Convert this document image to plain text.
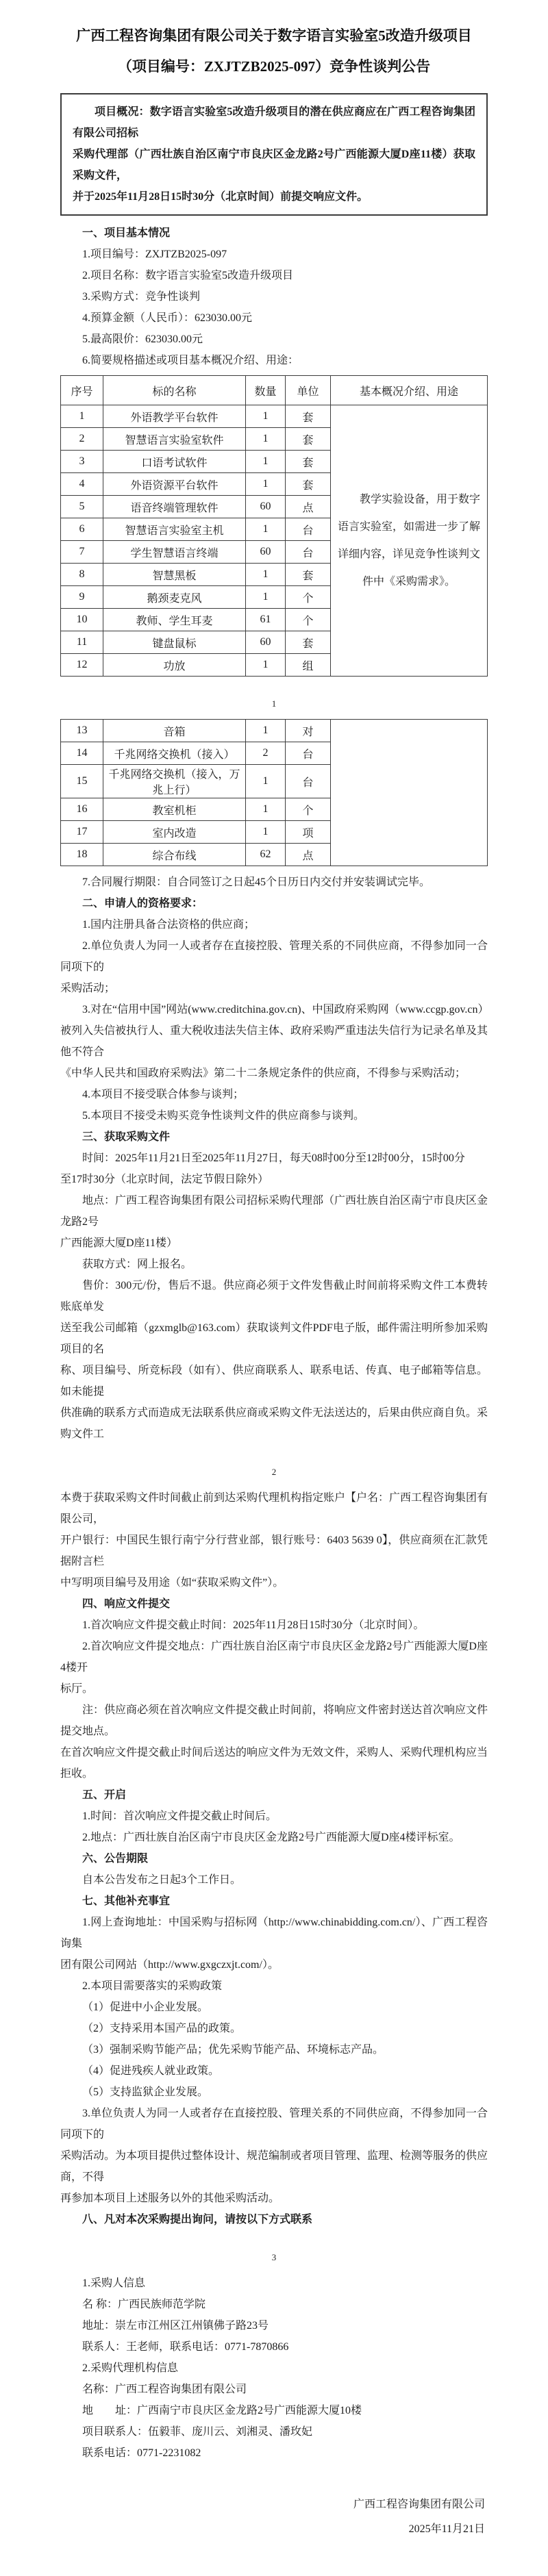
广西工程咨询集团有限公司关于数字语言实验室5改造升级项目
（项目编号：ZXJTZB2025-097）竞争性谈判公告
项目概况：数字语言实验室5改造升级项目的潜在供应商应在广西工程咨询集团有限公司招标
采购代理部（广西壮族自治区南宁市良庆区金龙路2号广西能源大厦D座11楼）获取采购文件，
并于2025年11月28日15时30分（北京时间）前提交响应文件。
一、项目基本情况
1.项目编号：ZXJTZB2025-097
2.项目名称：数字语言实验室5改造升级项目
3.采购方式：竞争性谈判
4.预算金额（人民币）：623030.00元
5.最高限价：623030.00元
6.简要规格描述或项目基本概况介绍、用途：
序号	标的名称	数量	单位	基本概况介绍、用途
1	外语教学平台软件	1	套	教学实验设备，用于数字语言实验室，如需进一步了解详细内容，详见竞争性谈判文件中《采购需求》。
2	智慧语言实验室软件	1	套	
3	口语考试软件	1	套	
4	外语资源平台软件	1	套	
5	语音终端管理软件	60	点	
6	智慧语言实验室主机	1	台	
7	学生智慧语言终端	60	台	
8	智慧黑板	1	套	
9	鹅颈麦克风	1	个	
10	教师、学生耳麦	61	个	
11	键盘鼠标	60	套	
12	功放	1	组	
1
13	音箱	1	对	
14	千兆网络交换机（接入）	2	台	
15	千兆网络交换机（接入，万兆上行）	1	台	
16	教室机柜	1	个	
17	室内改造	1	项	
18	综合布线	62	点	
7.合同履行期限：自合同签订之日起45个日历日内交付并安装调试完毕。
二、申请人的资格要求：
1.国内注册具备合法资格的供应商；
2.单位负责人为同一人或者存在直接控股、管理关系的不同供应商，不得参加同一合同项下的
采购活动；
3.对在“信用中国”网站(www.creditchina.gov.cn)、中国政府采购网（www.ccgp.gov.cn）
被列入失信被执行人、重大税收违法失信主体、政府采购严重违法失信行为记录名单及其他不符合
《中华人民共和国政府采购法》第二十二条规定条件的供应商，不得参与采购活动；
4.本项目不接受联合体参与谈判；
5.本项目不接受未购买竞争性谈判文件的供应商参与谈判。
三、获取采购文件
时间：2025年11月21日至2025年11月27日，每天08时00分至12时00分，15时00分
至17时30分（北京时间，法定节假日除外）
地点：广西工程咨询集团有限公司招标采购代理部（广西壮族自治区南宁市良庆区金龙路2号
广西能源大厦D座11楼）
获取方式：网上报名。
售价：300元/份，售后不退。供应商必须于文件发售截止时间前将采购文件工本费转账底单发
送至我公司邮箱（gzxmglb@163.com）获取谈判文件PDF电子版，邮件需注明所参加采购项目的名
称、项目编号、所竞标段（如有）、供应商联系人、联系电话、传真、电子邮箱等信息。如未能提
供准确的联系方式而造成无法联系供应商或采购文件无法送达的，后果由供应商自负。采购文件工
2
本费于获取采购文件时间截止前到达采购代理机构指定账户【户名：广西工程咨询集团有限公司，
开户银行：中国民生银行南宁分行营业部，银行账号：6403 5639 0】，供应商须在汇款凭据附言栏
中写明项目编号及用途（如“获取采购文件”）。
四、响应文件提交
1.首次响应文件提交截止时间：2025年11月28日15时30分（北京时间）。
2.首次响应文件提交地点：广西壮族自治区南宁市良庆区金龙路2号广西能源大厦D座4楼开
标厅。
注：供应商必须在首次响应文件提交截止时间前，将响应文件密封送达首次响应文件提交地点。
在首次响应文件提交截止时间后送达的响应文件为无效文件，采购人、采购代理机构应当拒收。
五、开启
1.时间：首次响应文件提交截止时间后。
2.地点：广西壮族自治区南宁市良庆区金龙路2号广西能源大厦D座4楼评标室。
六、公告期限
自本公告发布之日起3个工作日。
七、其他补充事宜
1.网上查询地址：中国采购与招标网（http://www.chinabidding.com.cn/）、广西工程咨询集
团有限公司网站（http://www.gxgczxjt.com/）。
2.本项目需要落实的采购政策
（1）促进中小企业发展。
（2）支持采用本国产品的政策。
（3）强制采购节能产品；优先采购节能产品、环境标志产品。
（4）促进残疾人就业政策。
（5）支持监狱企业发展。
3.单位负责人为同一人或者存在直接控股、管理关系的不同供应商，不得参加同一合同项下的
采购活动。为本项目提供过整体设计、规范编制或者项目管理、监理、检测等服务的供应商，不得
再参加本项目上述服务以外的其他采购活动。
八、凡对本次采购提出询问，请按以下方式联系
3
1.采购人信息
名 称：广西民族师范学院
地址：崇左市江州区江州镇佛子路23号
联系人：王老师，联系电话：0771-7870866
2.采购代理机构信息
名称：广西工程咨询集团有限公司
地　　址：广西南宁市良庆区金龙路2号广西能源大厦10楼
项目联系人：伍毅菲、庞川云、刘湘灵、潘玫妃
联系电话：0771-2231082
广西工程咨询集团有限公司
2025年11月21日
